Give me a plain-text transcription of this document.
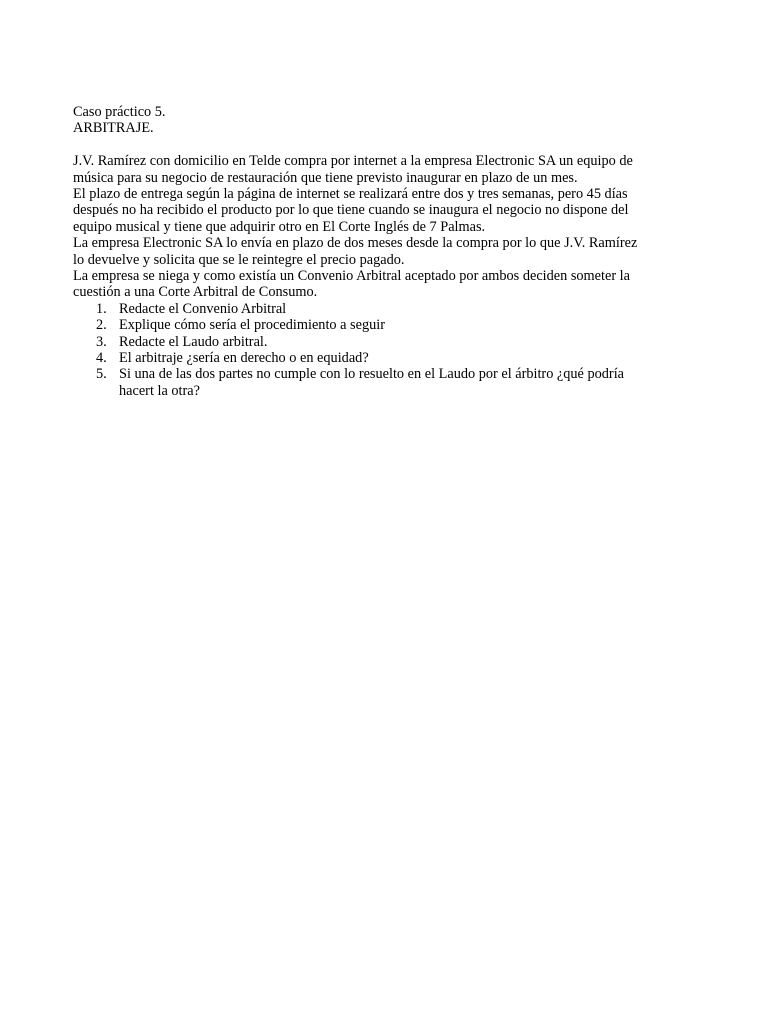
Caso práctico 5.
ARBITRAJE.
J.V. Ramírez con domicilio en Telde compra por internet a la empresa Electronic SA un equipo de
música para su negocio de restauración que tiene previsto inaugurar en plazo de un mes.
El plazo de entrega según la página de internet se realizará entre dos y tres semanas, pero 45 días
después no ha recibido el producto por lo que tiene cuando se inaugura el negocio no dispone del
equipo musical y tiene que adquirir otro en El Corte Inglés de 7 Palmas.
La empresa Electronic SA lo envía en plazo de dos meses desde la compra por lo que J.V. Ramírez
lo devuelve y solicita que se le reintegre el precio pagado.
La empresa se niega y como existía un Convenio Arbitral aceptado por ambos deciden someter la
cuestión a una Corte Arbitral de Consumo.
1. Redacte el Convenio Arbitral
2. Explique cómo sería el procedimiento a seguir
3. Redacte el Laudo arbitral.
4. El arbitraje ¿sería en derecho o en equidad?
5. Si una de las dos partes no cumple con lo resuelto en el Laudo por el árbitro ¿qué podría
hacert la otra?
